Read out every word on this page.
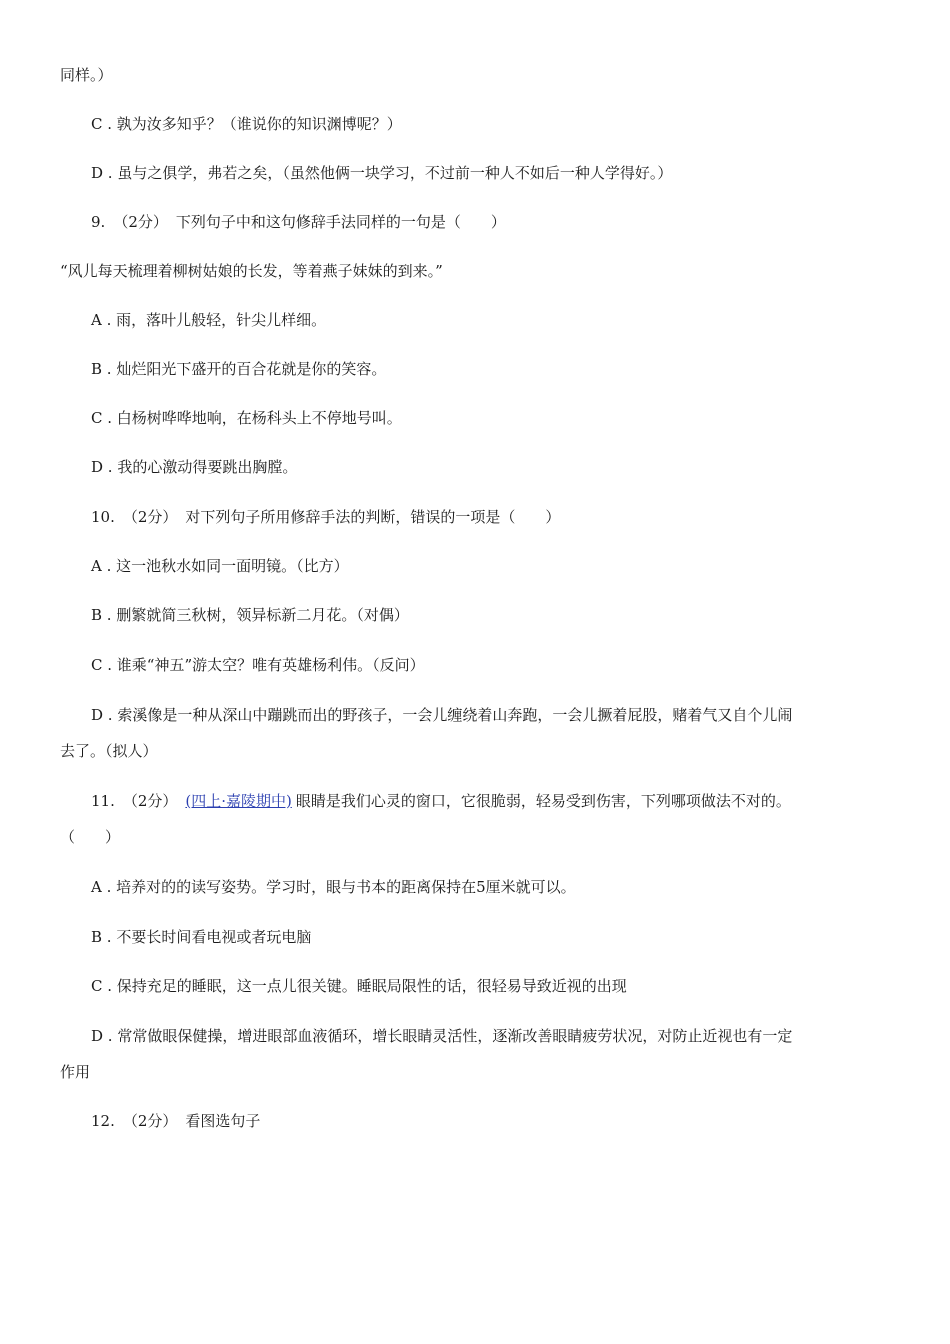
同样。）
C . 孰为汝多知乎？（谁说你的知识渊博呢？）
D . 虽与之俱学，弗若之矣，（虽然他俩一块学习，不过前一种人不如后一种人学得好。）
9. （2分） 下列句子中和这句修辞手法同样的一句是（　　）
“风儿每天梳理着柳树姑娘的长发，等着燕子妹妹的到来。”
A . 雨，落叶儿般轻，针尖儿样细。
B . 灿烂阳光下盛开的百合花就是你的笑容。
C . 白杨树哗哗地响，在杨科头上不停地号叫。
D . 我的心激动得要跳出胸膛。
10. （2分） 对下列句子所用修辞手法的判断，错误的一项是（　　）
A . 这一池秋水如同一面明镜。（比方）
B . 删繁就简三秋树，领异标新二月花。（对偶）
C . 谁乘“神五”游太空？唯有英雄杨利伟。（反问）
D . 索溪像是一种从深山中蹦跳而出的野孩子，一会儿缠绕着山奔跑，一会儿撅着屁股，赌着气又自个儿闹
去了。（拟人）
11. （2分） (四上·嘉陵期中) 眼睛是我们心灵的窗口，它很脆弱，轻易受到伤害，下列哪项做法不对的。
（　　）
A . 培养对的的读写姿势。学习时，眼与书本的距离保持在5厘米就可以。
B . 不要长时间看电视或者玩电脑
C . 保持充足的睡眠，这一点儿很关键。睡眠局限性的话，很轻易导致近视的出现
D . 常常做眼保健操，增进眼部血液循环，增长眼睛灵活性，逐渐改善眼睛疲劳状况，对防止近视也有一定
作用
12. （2分） 看图选句子
